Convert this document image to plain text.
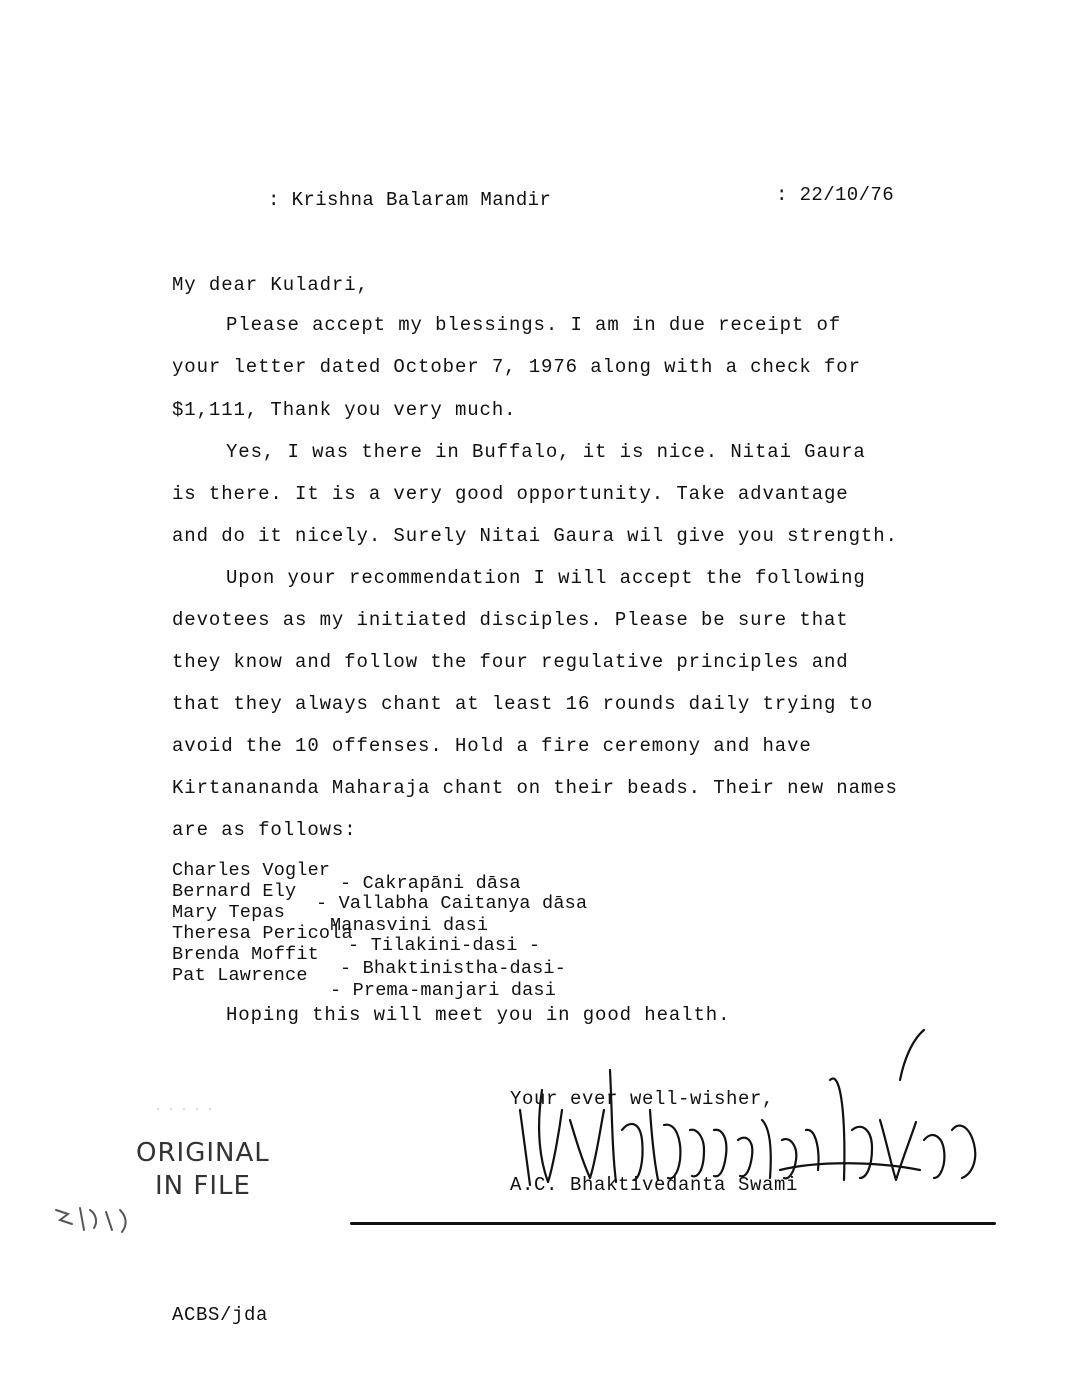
: Krishna Balaram Mandir	: 22/10/76
My dear Kuladri,
Please accept my blessings. I am in due receipt of
your letter dated October 7, 1976 along with a check for
$1,111, Thank you very much.
Yes, I was there in Buffalo, it is nice. Nitai Gaura
is there. It is a very good opportunity. Take advantage
and do it nicely. Surely Nitai Gaura wil give you strength.
Upon your recommendation I will accept the following
devotees as my initiated disciples. Please be sure that
they know and follow the four regulative principles and
that they always chant at least 16 rounds daily trying to
avoid the 10 offenses. Hold a fire ceremony and have
Kirtanananda Maharaja chant on their beads. Their new names
are as follows:
Charles Vogler
Bernard Ely
Mary Tepas
Theresa Pericola
Brenda Moffit
Pat Lawrence
- Cakrapāni dāsa
- Vallabha Caitanya dāsa
Manasvini dasi
- Tilakini-dasi -
- Bhaktinistha-dasi-
- Prema-manjari dasi
Hoping this will meet you in good health.
Your ever well-wisher,
A.C. Bhaktivedanta Swami
· · · · ·
ORIGINAL
IN FILE
ACBS/jda
